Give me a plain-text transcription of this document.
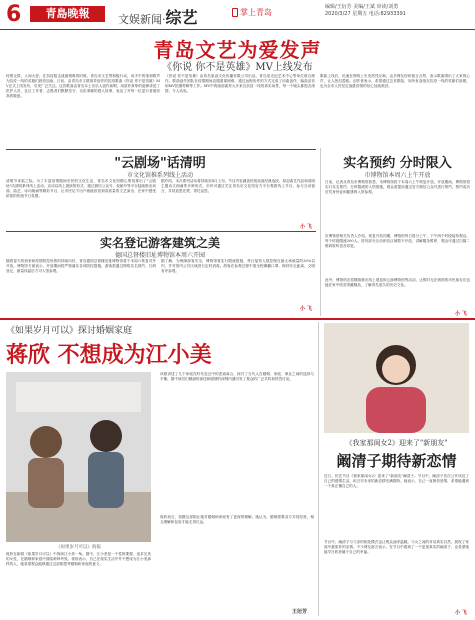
6	青島晚報	文娱新闻·综艺	掌上青岛
编辑/王衍芳 美编/王斌 审读/刘勇
2020/3/27 星期五 电话:82933391
青岛文艺为爱发声
《你说 你不是英雄》MV上线发布
疫情无情，人间大爱。在抗疫阻击战最艰难的时候，青岛市文艺界积极行动，用手中的笔和歌声为抗疫一线的英雄们鼓劲加油。日前，由青岛市文联指导创作的抗疫歌曲《你说 你不是英雄》MV正式上线发布，引发广泛关注。这首歌曲由青岛本土音乐人创作演唱，用质朴真挚的旋律讲述了医护人员、社区工作者、志愿者们默默坚守、无私奉献的感人故事，表达了对每一位逆行者最崇高的敬意。
《你说 你不是英雄》由青岛原创文化传播有限公司出品，青岛星光纪艺术中心等单位联合制作。歌曲创作团队在疫情期间克服重重困难，通过远程协作的方式完成了词曲创作、编曲录音和MV拍摄剪辑等工作。MV中的画面素材大多来自抗疫一线的真实场景，每一个镜头都饱含深情，令人动容。
歌曲上线后，迅速在网络上引发热烈反响，众多网友纷纷留言点赞，表示歌曲唱出了大家的心声，让人热泪盈眶。创作者表示，希望通过这首歌曲，向所有奋战在抗疫一线的英雄们致敬，也为全市人民坚定战胜疫情的信心加油鼓劲。
"云剧场"话清明
市文化馆推系列线上活动
清明节来临之际，为了丰富疫情期间市民的文化生活，青岛市文化馆精心策划推出了"云剧场"话清明系列线上活动。活动以线上展演的形式，通过微信公众号、视频号等平台陆续推出戏曲、曲艺、诗词朗诵等精彩节目，让市民足不出户就能欣赏到高质量的文艺演出，在家中感受浓浓的传统节日氛围。
据介绍，本次系列活动将持续至4月上旬，节目内容涵盖传统戏曲经典选段、原创曲艺作品和清明主题诗文朗诵等多种形式。市民可通过关注青岛市文化馆官方平台观看线上节目，参与互动留言，共同追思先贤，寄托哀思。
小 飞
实名登记游客建筑之美
德国总督楼旧址博物馆本周六开园
随着春天的到来和疫情防控形势的持续向好，青岛德国总督楼旧址博物馆将于本周六恢复对外开放。博物馆方面表示，开放期间将严格落实各项防控措施，游客需通过网络实名预约、扫码登记、测量体温后方可入馆参观。
据了解，为保障游客安全，博物馆将实行限流措施，每日接待人数控制在最大承载量的30%以内，并对馆内公共区域进行定时消毒。游客在参观过程中需全程佩戴口罩，保持安全距离，文明有序参观。
小 飞
实名预约 分时限入
市博物馆本周六上午开放
日前，记者从青岛市博物馆获悉，市博物馆将于本周六上午恢复开放。开放期间，博物馆将实行实名预约、分时限流的入馆措施，观众需提前通过官方微信公众号进行预约，预约成功后凭身份证和健康码入馆参观。
市博物馆相关负责人介绍，恢复开放初期，博物馆每日将分上午、下午两个时段接待观众，每个时段限流200人。馆内部分互动体验区域暂不开放，讲解服务暂停，观众可通过扫描二维码收听语音导览。
此外，博物馆还将继续推出线上展览和云游博物馆等活动，让暂时无法到馆的市民朋友们也能在家中欣赏馆藏精品，了解青岛悠久的历史文化。
小 飞
《如果岁月可以》探讨婚姻家庭
蒋欣 不想成为江小美
《如果岁月可以》海报
蒋欣在新剧《如果岁月可以》中饰演江小美一角。剧中，江小美是一个性格要强、追求完美的女性，在婚姻和家庭中面临种种考验。蒋欣表示，自己在现实生活中并不想成为江小美那样的人，她希望观众能够通过这部剧思考婚姻和家庭的意义。
该剧讲述了几个家庭在时代变迁中的悲欢离合，探讨了当代人在婚姻、家庭、事业之间的选择与平衡。剧中演员们精湛的演技和剧情的深刻内涵引发了观众的广泛共鸣和热烈讨论。
蒋欣坦言，拍摄这部剧让她对婚姻和家庭有了更深的理解。她认为，婚姻需要双方共同经营，相互理解和包容才能走得长远。
王衍芳
《我家那闺女2》迎来了"新朋友"
阚清子期待新恋情
近日，综艺节目《我家那闺女2》迎来了"新朋友"阚清子。节目中，阚清子首次公开谈及了自己的感情生活，坦言对未来的新恋情充满期待。她表示，自己一直相信爱情，希望能遇到一个真正懂自己的人。
节目中，阚清子与父亲的相处模式也让观众直呼温暖。父女之间的对话真实自然，展现了家庭中最质朴的亲情。不少网友留言表示，在节目中看到了一个更加真实的阚清子，也希望她能早日收获属于自己的幸福。
小 飞
